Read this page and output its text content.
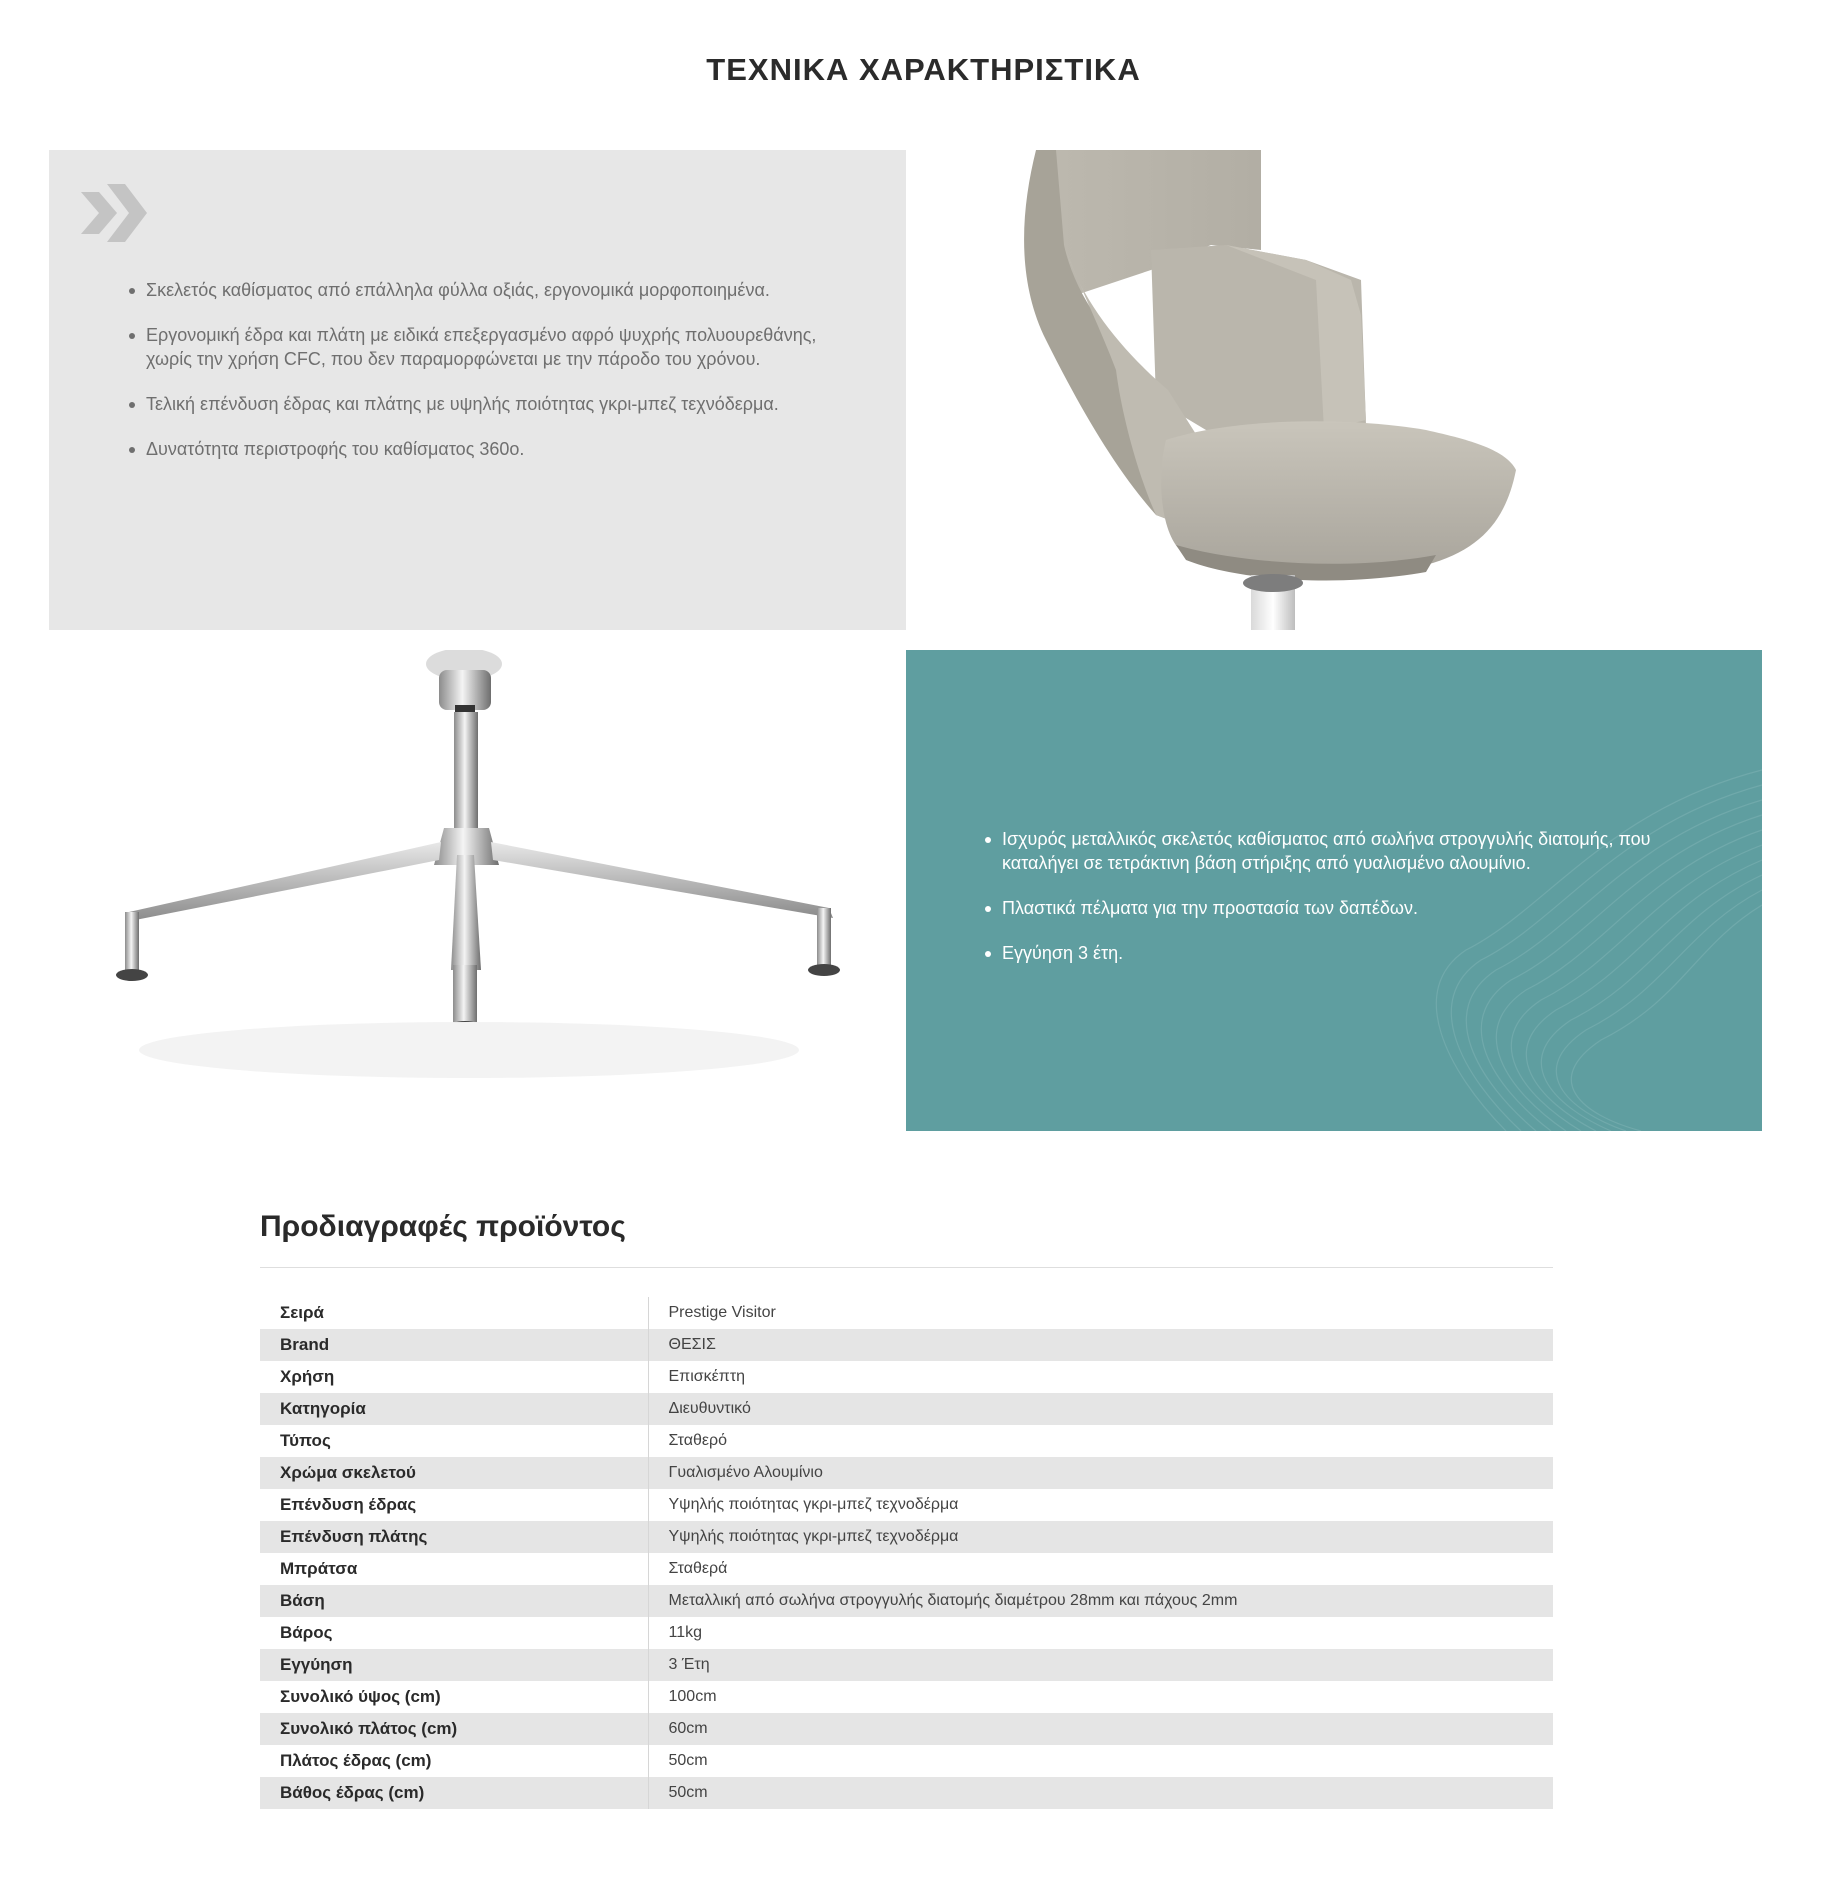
ΤΕΧΝΙΚΑ ΧΑΡΑΚΤΗΡΙΣΤΙΚΑ
Σκελετός καθίσματος από επάλληλα φύλλα οξιάς, εργονομικά μορφοποιημένα.
Εργονομική έδρα και πλάτη με ειδικά επεξεργασμένο αφρό ψυχρής πολυουρεθάνης, χωρίς την χρήση CFC, που δεν παραμορφώνεται με την πάροδο του χρόνου.
Τελική επένδυση έδρας και πλάτης με υψηλής ποιότητας γκρι-μπεζ τεχνόδερμα.
Δυνατότητα περιστροφής του καθίσματος 360ο.
Ισχυρός μεταλλικός σκελετός καθίσματος από σωλήνα στρογγυλής διατομής, που καταλήγει σε τετράκτινη βάση στήριξης από γυαλισμένο αλουμίνιο.
Πλαστικά πέλματα για την προστασία των δαπέδων.
Εγγύηση 3 έτη.
Προδιαγραφές προϊόντος
Σειρά	Prestige Visitor
Brand	ΘΕΣΙΣ
Χρήση	Επισκέπτη
Κατηγορία	Διευθυντικό
Τύπος	Σταθερό
Χρώμα σκελετού	Γυαλισμένο Αλουμίνιο
Επένδυση έδρας	Υψηλής ποιότητας γκρι-μπεζ τεχνοδέρμα
Επένδυση πλάτης	Υψηλής ποιότητας γκρι-μπεζ τεχνοδέρμα
Μπράτσα	Σταθερά
Βάση	Μεταλλική από σωλήνα στρογγυλής διατομής διαμέτρου 28mm και πάχους 2mm
Βάρος	11kg
Εγγύηση	3 Έτη
Συνολικό ύψος (cm)	100cm
Συνολικό πλάτος (cm)	60cm
Πλάτος έδρας (cm)	50cm
Βάθος έδρας (cm)	50cm
